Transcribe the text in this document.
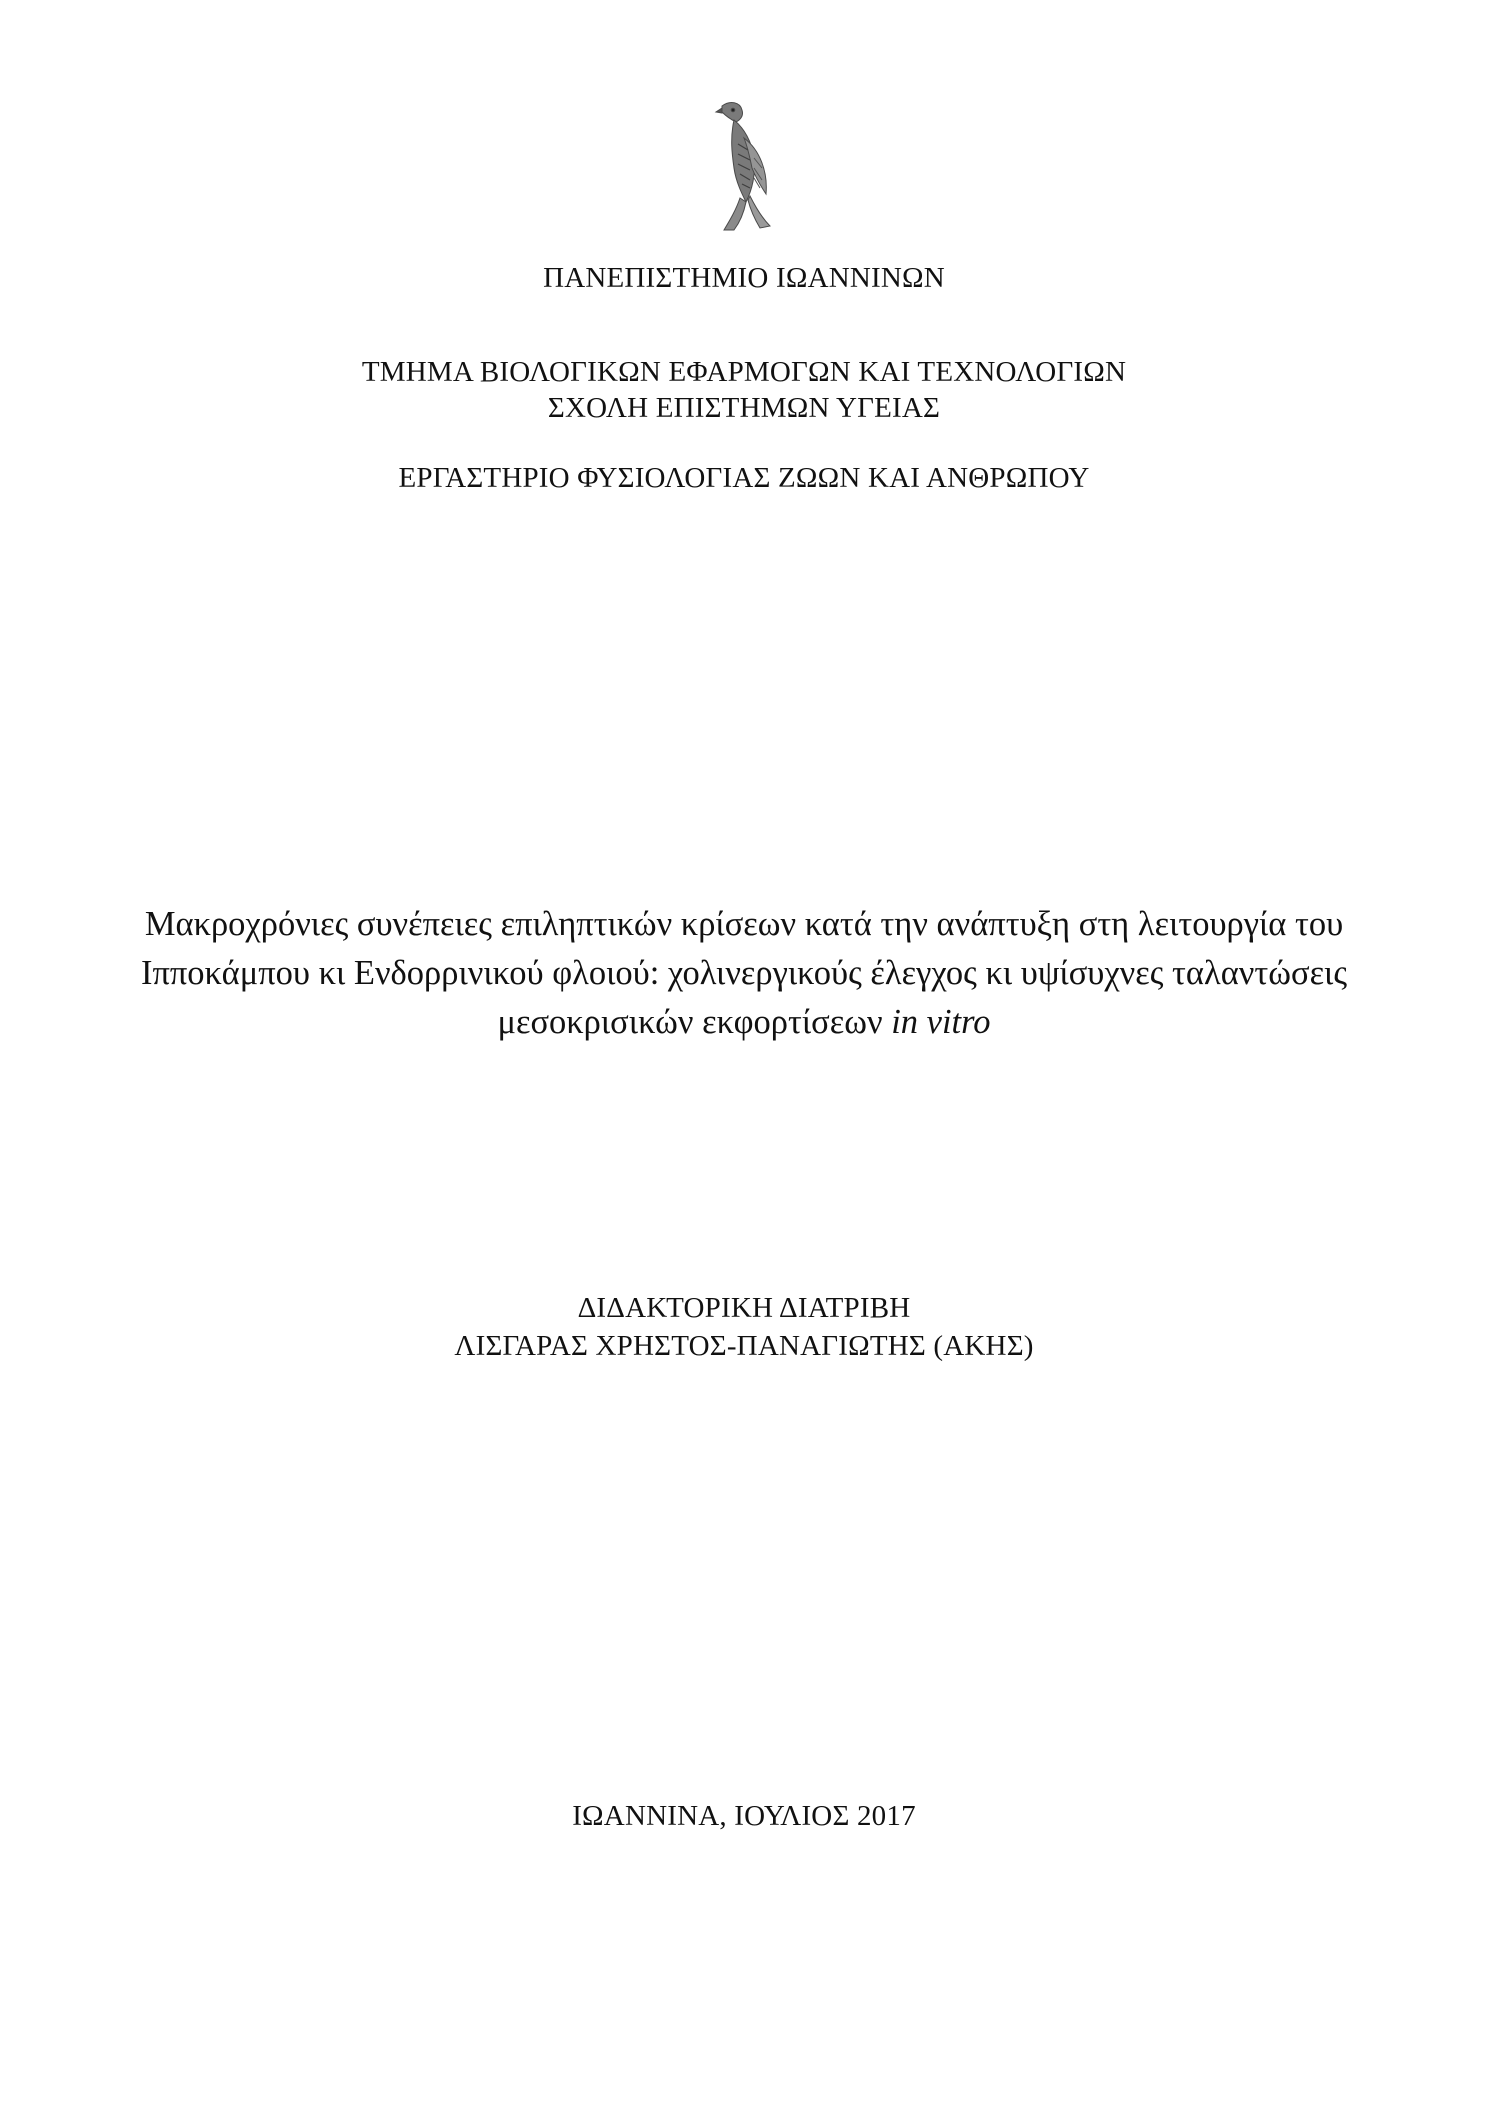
ΠΑΝΕΠΙΣΤΗΜΙΟ ΙΩΑΝΝΙΝΩΝ
ΤΜΗΜΑ ΒΙΟΛΟΓΙΚΩΝ ΕΦΑΡΜΟΓΩΝ ΚΑΙ ΤΕΧΝΟΛΟΓΙΩΝ
ΣΧΟΛΗ ΕΠΙΣΤΗΜΩΝ ΥΓΕΙΑΣ
ΕΡΓΑΣΤΗΡΙΟ ΦΥΣΙΟΛΟΓΙΑΣ ΖΩΩΝ ΚΑΙ ΑΝΘΡΩΠΟΥ
Μακροχρόνιες συνέπειες επιληπτικών κρίσεων κατά την ανάπτυξη στη λειτουργία του
Ιπποκάμπου κι Ενδορρινικού φλοιού: χολινεργικούς έλεγχος κι υψίσυχνες ταλαντώσεις
μεσοκρισικών εκφορτίσεων in vitro
ΔΙΔΑΚΤΟΡΙΚΗ ΔΙΑΤΡΙΒΗ
ΛΙΣΓΑΡΑΣ ΧΡΗΣΤΟΣ-ΠΑΝΑΓΙΩΤΗΣ (ΑΚΗΣ)
ΙΩΑΝΝΙΝΑ, ΙΟΥΛΙΟΣ 2017
